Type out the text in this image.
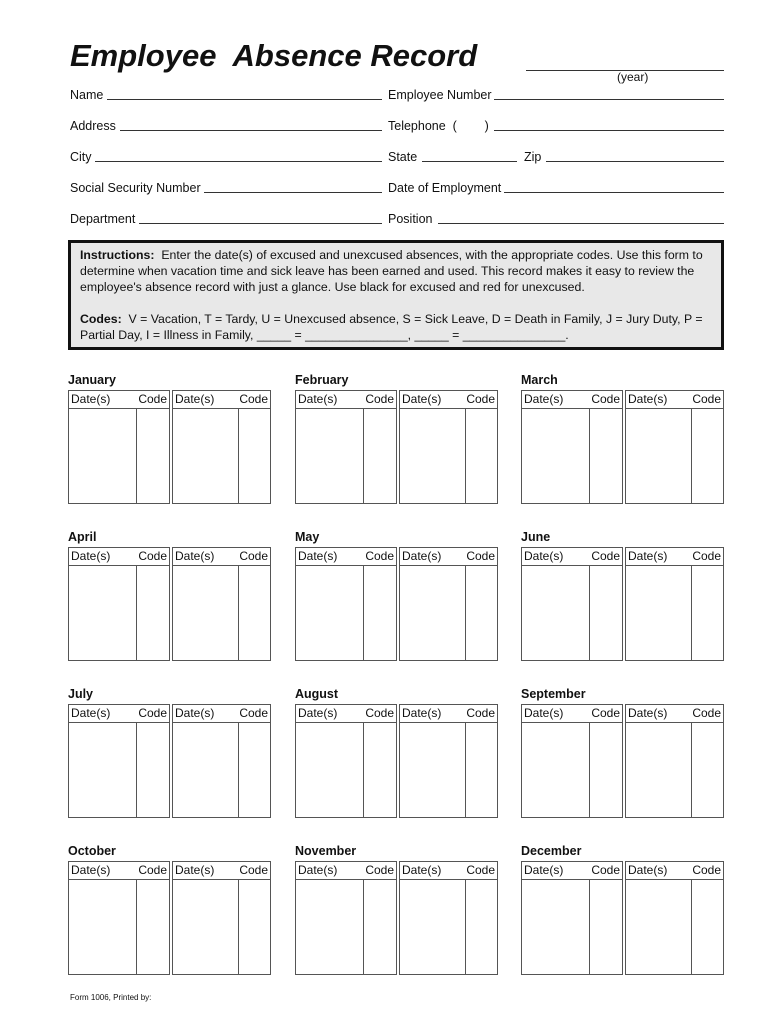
Employee  Absence Record
(year)
Name	Employee Number
Address	Telephone  (        )
City	State	Zip
Social Security Number	Date of Employment
Department	Position
Instructions: Enter the date(s) of excused and unexcused absences, with the appropriate codes. Use this form to determine when vacation time and sick leave has been earned and used. This record makes it easy to review the employee's absence record with just a glance. Use black for excused and red for unexcused.
Codes: V = Vacation, T = Tardy, U = Unexcused absence, S = Sick Leave, D = Death in Family, J = Jury Duty, P = Partial Day, I = Illness in Family, _____ = _______________, _____ = _______________.
January
Date(s) Code Date(s) Code
February
Date(s) Code Date(s) Code
March
Date(s) Code Date(s) Code
April
Date(s) Code Date(s) Code
May
Date(s) Code Date(s) Code
June
Date(s) Code Date(s) Code
July
Date(s) Code Date(s) Code
August
Date(s) Code Date(s) Code
September
Date(s) Code Date(s) Code
October
Date(s) Code Date(s) Code
November
Date(s) Code Date(s) Code
December
Date(s) Code Date(s) Code
Form 1006, Printed by:
